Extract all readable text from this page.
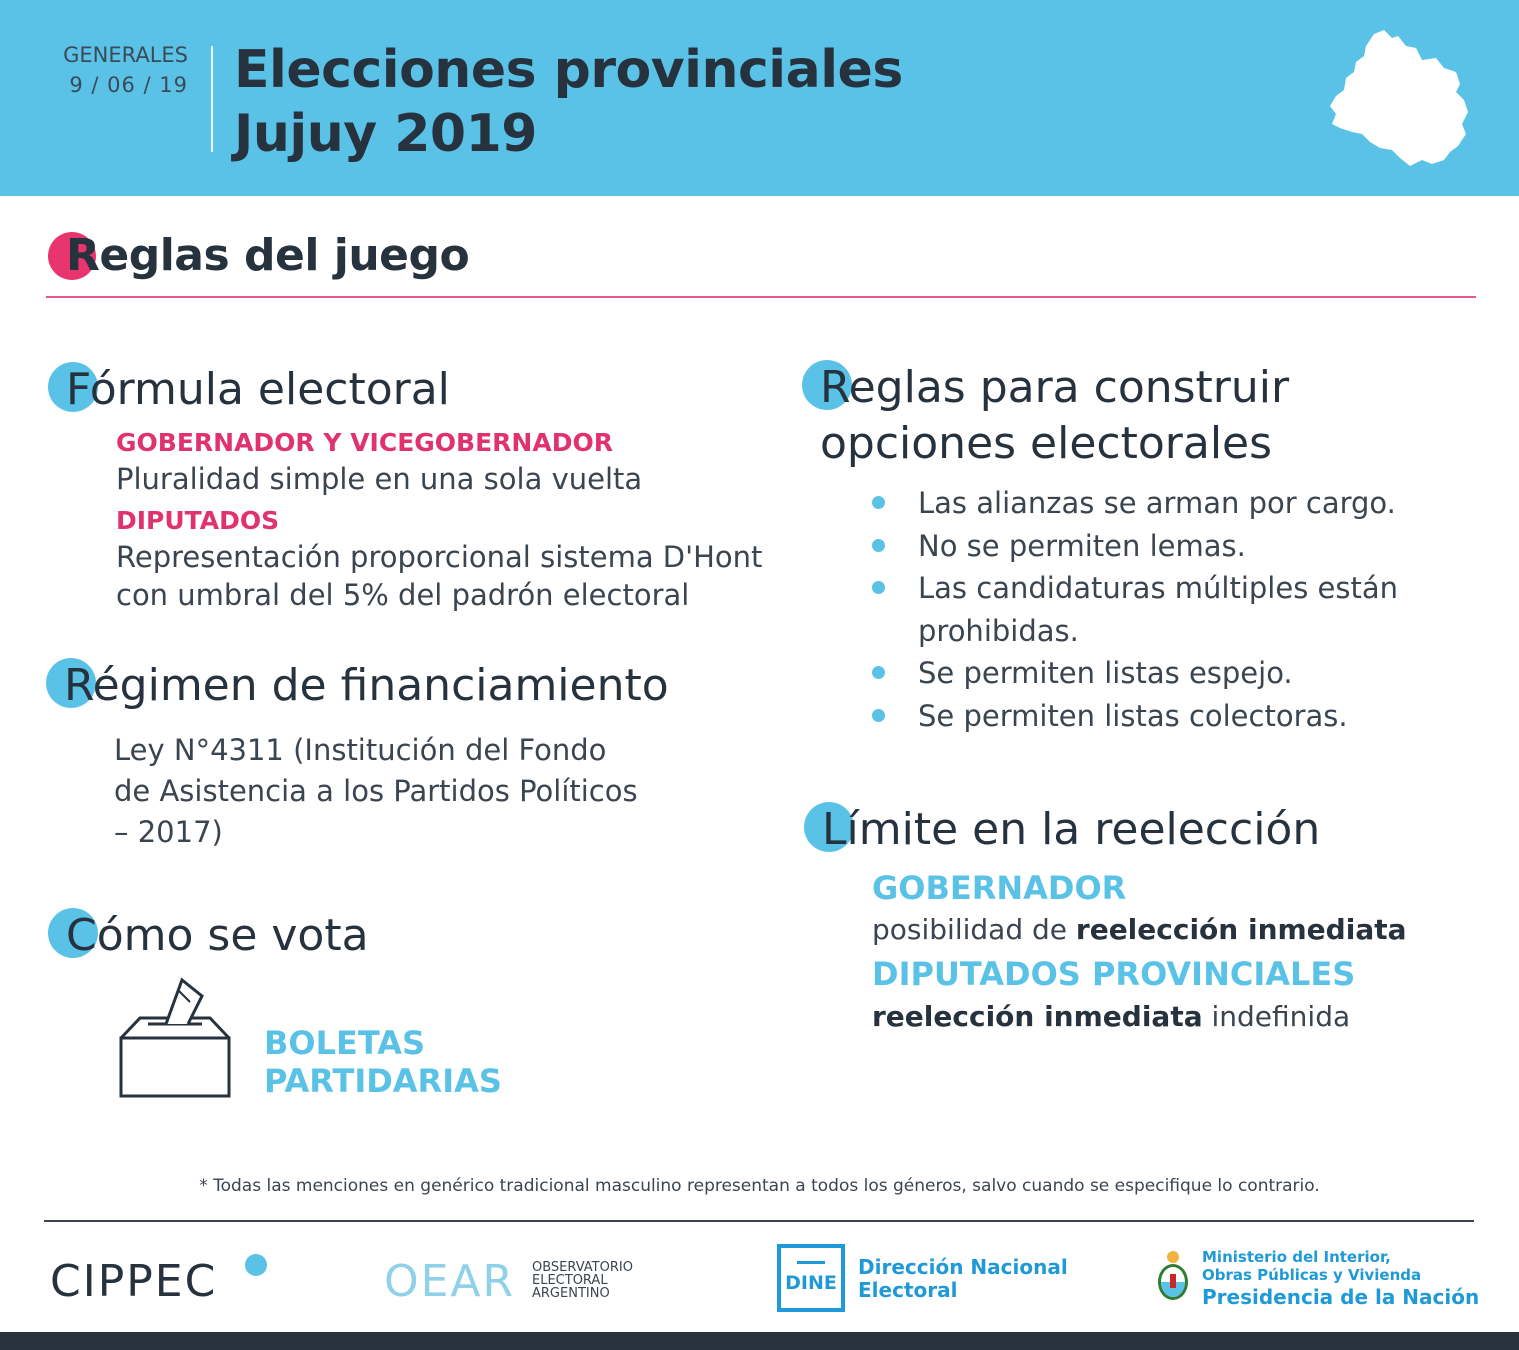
GENERALES
9 / 06 / 19 Elecciones provinciales
Jujuy 2019
Reglas del juego
Fórmula electoral
GOBERNADOR Y VICEGOBERNADOR
Pluralidad simple en una sola vuelta
DIPUTADOS
Representación proporcional sistema D'Hont
con umbral del 5% del padrón electoral
Régimen de financiamiento
Ley N°4311 (Institución del Fondo
de Asistencia a los Partidos Políticos
– 2017)
Cómo se vota
BOLETAS
PARTIDARIAS
Reglas para construir
opciones electorales
Las alianzas se arman por cargo.
No se permiten lemas.
Las candidaturas múltiples están prohibidas.
Se permiten listas espejo.
Se permiten listas colectoras.
Límite en la reelección
GOBERNADOR
posibilidad de reelección inmediata
DIPUTADOS PROVINCIALES
reelección inmediata indefinida
* Todas las menciones en genérico tradicional masculino representan a todos los géneros, salvo cuando se especifique lo contrario.
CIPPEC	OEAR OBSERVATORIO
ELECTORAL
ARGENTINO	DINE
Dirección Nacional
Electoral
Ministerio del Interior,
Obras Públicas y Vivienda
Presidencia de la Nación
